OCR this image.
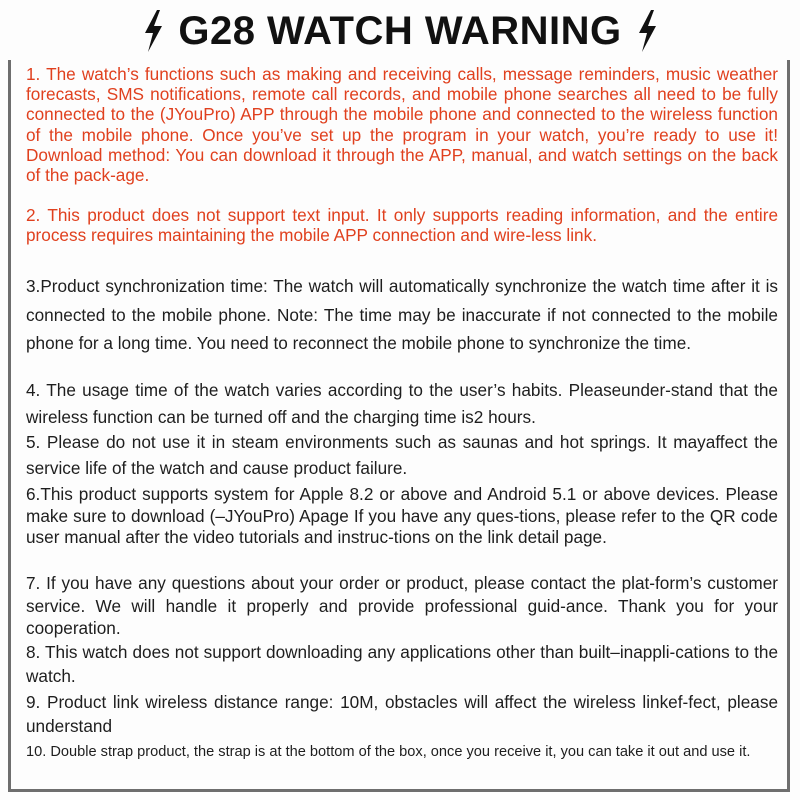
G28 WATCH WARNING

1. The watch’s functions such as making and receiving calls, message reminders, music weather forecasts, SMS notifications, remote call records, and mobile phone searches all need to be fully connected to the (JYouPro) APP through the mobile phone and connected to the wireless function of the mobile phone. Once you’ve set up the program in your watch, you’re ready to use it! Download method: You can download it through the APP, manual, and watch settings on the back of the pack-age.

2. This product does not support text input. It only supports reading information, and the entire process requires maintaining the mobile APP connection and wire-less link.

3.Product synchronization time: The watch will automatically synchronize the watch time after it is connected to the mobile phone. Note: The time may be inaccurate if not connected to the mobile phone for a long time. You need to reconnect the mobile phone to synchronize the time.

4. The usage time of the watch varies according to the user’s habits. Pleaseunder-stand that the wireless function can be turned off and the charging time is2 hours.

5. Please do not use it in steam environments such as saunas and hot springs. It mayaffect the service life of the watch and cause product failure.

6.This product supports system for Apple 8.2 or above and Android 5.1 or above devices. Please make sure to download (–JYouPro) Apage If you have any ques-tions, please refer to the QR code user manual after the video tutorials and instruc-tions on the link detail page.

7. If you have any questions about your order or product, please contact the plat-form’s customer service. We will handle it properly and provide professional guid-ance. Thank you for your cooperation.

8. This watch does not support downloading any applications other than built–inappli-cations to the watch.

9. Product link wireless distance range: 10M, obstacles will affect the wireless linkef-fect, please understand

10. Double strap product, the strap is at the bottom of the box, once you receive it, you can take it out and use it.
